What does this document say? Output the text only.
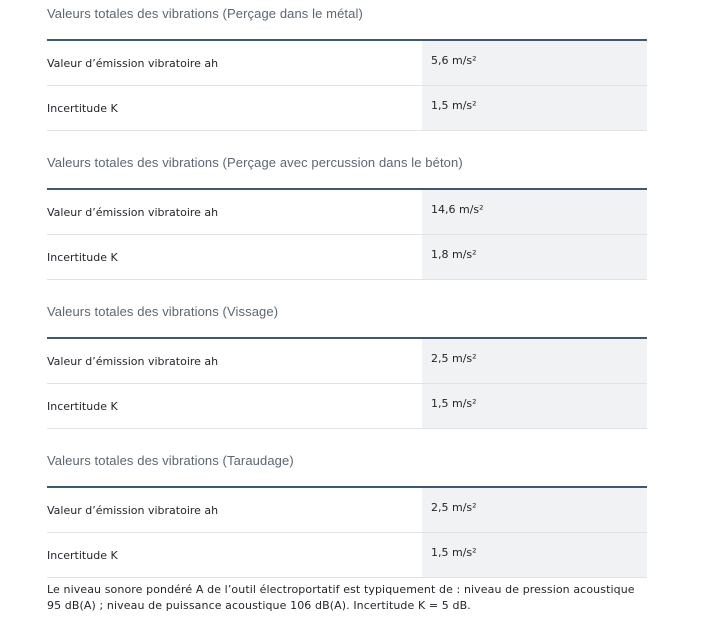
Valeurs totales des vibrations (Perçage dans le métal)
Valeur d’émission vibratoire ah	5,6 m/s²
Incertitude K	1,5 m/s²
Valeurs totales des vibrations (Perçage avec percussion dans le béton)
Valeur d’émission vibratoire ah	14,6 m/s²
Incertitude K	1,8 m/s²
Valeurs totales des vibrations (Vissage)
Valeur d’émission vibratoire ah	2,5 m/s²
Incertitude K	1,5 m/s²
Valeurs totales des vibrations (Taraudage)
Valeur d’émission vibratoire ah	2,5 m/s²
Incertitude K	1,5 m/s²

Le niveau sonore pondéré A de l’outil électroportatif est typiquement de : niveau de pression acoustique 95 dB(A) ; niveau de puissance acoustique 106 dB(A). Incertitude K = 5 dB.
